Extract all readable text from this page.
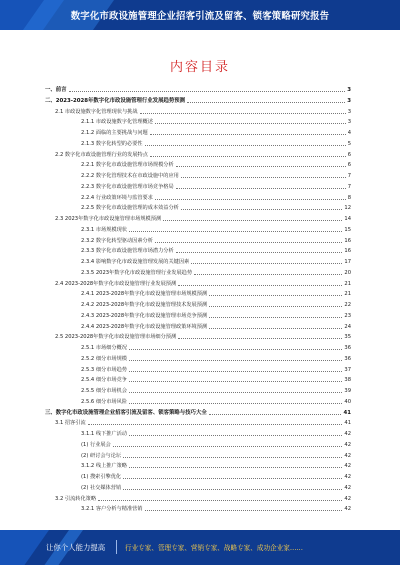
数字化市政设施管理企业招客引流及留客、锁客策略研究报告
内容目录
一、前言	3
二、2023-2028年数字化市政设施管理行业发展趋势预测	3
2.1 市政设施数字化管理现状与挑战	3
2.1.1 市政设施数字化管理概述	3
2.1.2 面临的主要挑战与问题	4
2.1.3 数字化转型的必要性	5
2.2 数字化市政设施管理行业的发展特点	6
2.2.1 数字化市政设施管理市场规模分析	6
2.2.2 数字化管理技术在市政设施中的应用	7
2.2.3 数字化市政设施管理市场竞争格局	7
2.2.4 行业政策环境与监管要求	8
2.2.5 数字化市政设施管理的成本效益分析	12
2.3 2023年数字化市政设施管理市场规模预测	14
2.3.1 市场规模现状	15
2.3.2 数字化转型驱动因素分析	16
2.3.3 数字化市政设施管理市场潜力分析	16
2.3.4 影响数字化市政设施管理发展的关键因素	17
2.3.5 2023年数字化市政设施管理行业发展趋势	20
2.4 2023-2028年数字化市政设施管理行业发展预测	21
2.4.1 2023-2028年数字化市政设施管理市场规模预测	21
2.4.2 2023-2028年数字化市政设施管理技术发展预测	22
2.4.3 2023-2028年数字化市政设施管理市场竞争预测	23
2.4.4 2023-2028年数字化市政设施管理政策环境预测	24
2.5 2023-2028年数字化市政设施管理市场细分预测	35
2.5.1 市场细分概况	36
2.5.2 细分市场规模	36
2.5.3 细分市场趋势	37
2.5.4 细分市场竞争	38
2.5.5 细分市场机会	39
2.5.6 细分市场风险	40
三、数字化市政设施管理企业招客引流及留客、锁客策略与技巧大全	41
3.1 招客引流	41
3.1.1 线下推广活动	42
(1) 行业展会	42
(2) 研讨会与论坛	42
3.1.2 线上推广策略	42
(1) 搜索引擎优化	42
(2) 社交媒体营销	42
3.2 引流转化策略	42
3.2.1 客户分析与精准营销	42
让你个人能力提高	行业专家、管理专家、营销专家、战略专家、成功企业家……
